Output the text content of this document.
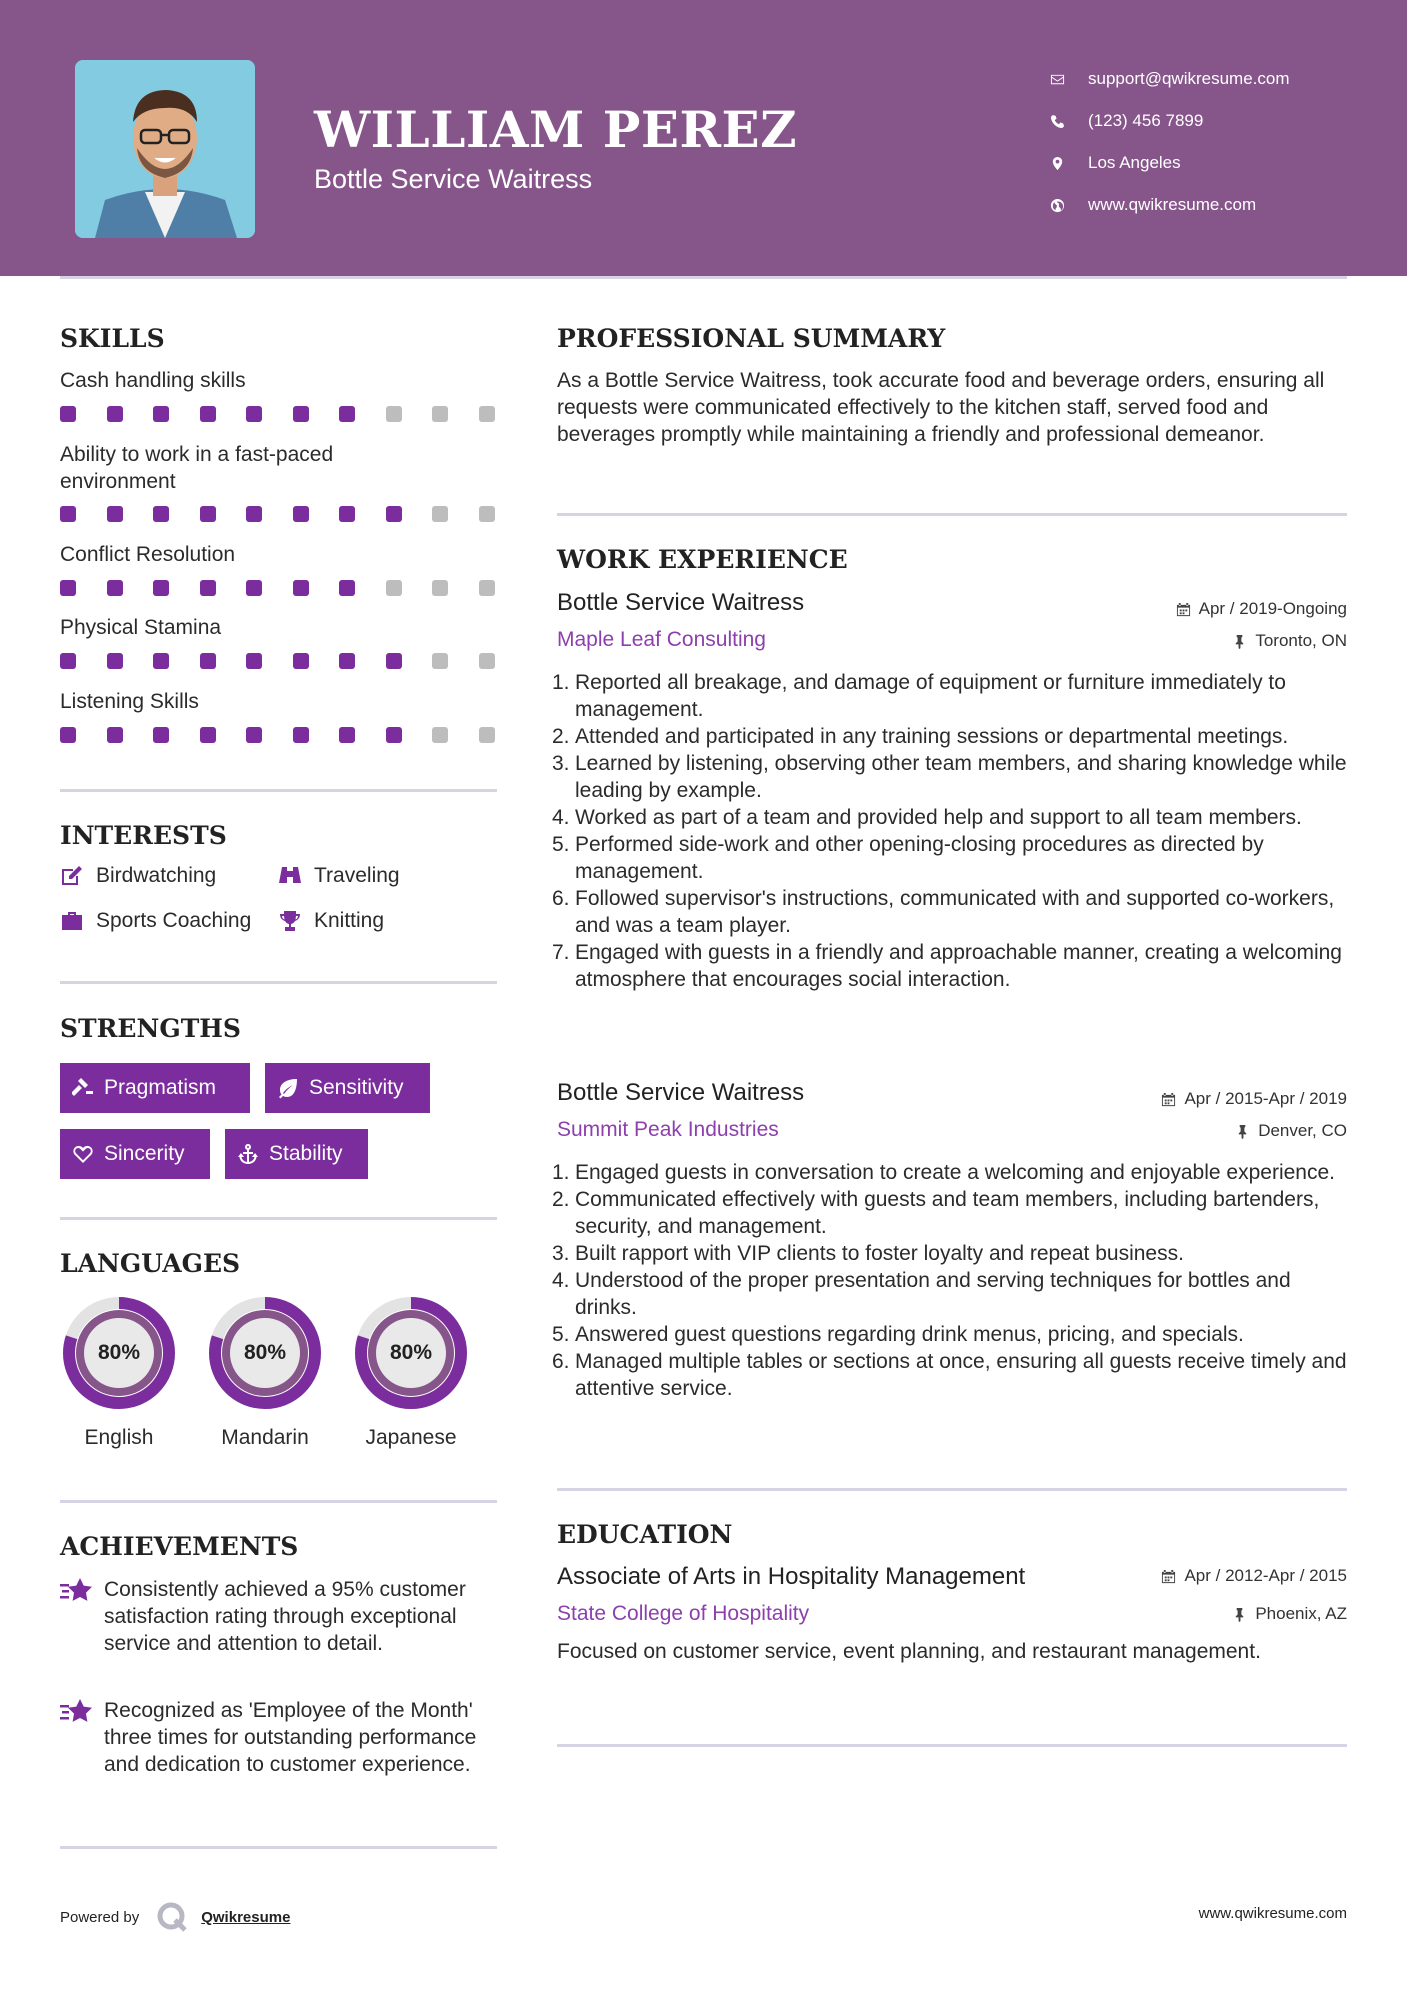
WILLIAM PEREZ
Bottle Service Waitress
support@qwikresume.com
(123) 456 7899
Los Angeles
www.qwikresume.com
SKILLS
Cash handling skills
Ability to work in a fast-paced environment
Conflict Resolution
Physical Stamina
Listening Skills
INTERESTS
Birdwatching	Traveling
Sports Coaching	Knitting
STRENGTHS
Pragmatism	Sensitivity
Sincerity	Stability
LANGUAGES
80%
English
80%
Mandarin
80%
Japanese
ACHIEVEMENTS
Consistently achieved a 95% customer satisfaction rating through exceptional service and attention to detail.
Recognized as 'Employee of the Month' three times for outstanding performance and dedication to customer experience.
Powered by	Qwikresume	www.qwikresume.com
PROFESSIONAL SUMMARY
As a Bottle Service Waitress, took accurate food and beverage orders, ensuring all requests were communicated effectively to the kitchen staff, served food and beverages promptly while maintaining a friendly and professional demeanor.
WORK EXPERIENCE
Bottle Service Waitress	Apr / 2019-Ongoing
Maple Leaf Consulting	Toronto, ON
1. Reported all breakage, and damage of equipment or furniture immediately to management.
2. Attended and participated in any training sessions or departmental meetings.
3. Learned by listening, observing other team members, and sharing knowledge while leading by example.
4. Worked as part of a team and provided help and support to all team members.
5. Performed side-work and other opening-closing procedures as directed by management.
6. Followed supervisor's instructions, communicated with and supported co-workers, and was a team player.
7. Engaged with guests in a friendly and approachable manner, creating a welcoming atmosphere that encourages social interaction.
Bottle Service Waitress	Apr / 2015-Apr / 2019
Summit Peak Industries	Denver, CO
1. Engaged guests in conversation to create a welcoming and enjoyable experience.
2. Communicated effectively with guests and team members, including bartenders, security, and management.
3. Built rapport with VIP clients to foster loyalty and repeat business.
4. Understood of the proper presentation and serving techniques for bottles and drinks.
5. Answered guest questions regarding drink menus, pricing, and specials.
6. Managed multiple tables or sections at once, ensuring all guests receive timely and attentive service.
EDUCATION
Associate of Arts in Hospitality Management	Apr / 2012-Apr / 2015
State College of Hospitality	Phoenix, AZ
Focused on customer service, event planning, and restaurant management.
